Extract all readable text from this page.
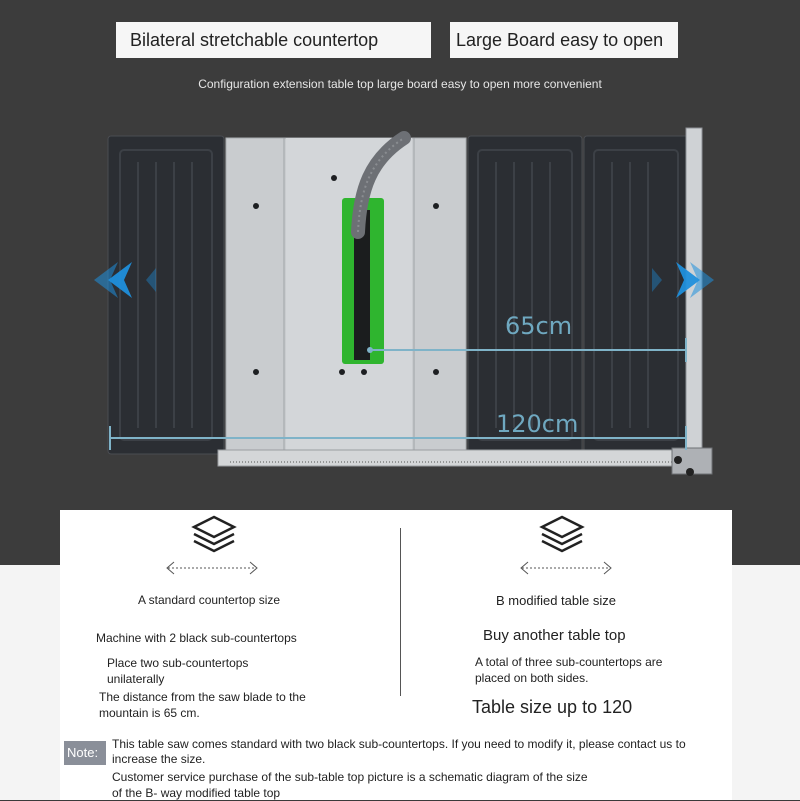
Bilateral stretchable countertop	Large Board easy to open
Configuration extension table top large board easy to open more convenient
65cm
120cm
A standard countertop size
Machine with 2 black sub-countertops
Place two sub-countertops
unilaterally
The distance from the saw blade to the
mountain is 65 cm.
B modified table size
Buy another table top
A total of three sub-countertops are
placed on both sides.
Table size up to 120
Note:
This table saw comes standard with two black sub-countertops. If you need to modify it, please contact us to
increase the size.
Customer service purchase of the sub-table top picture is a schematic diagram of the size
of the B- way modified table top
